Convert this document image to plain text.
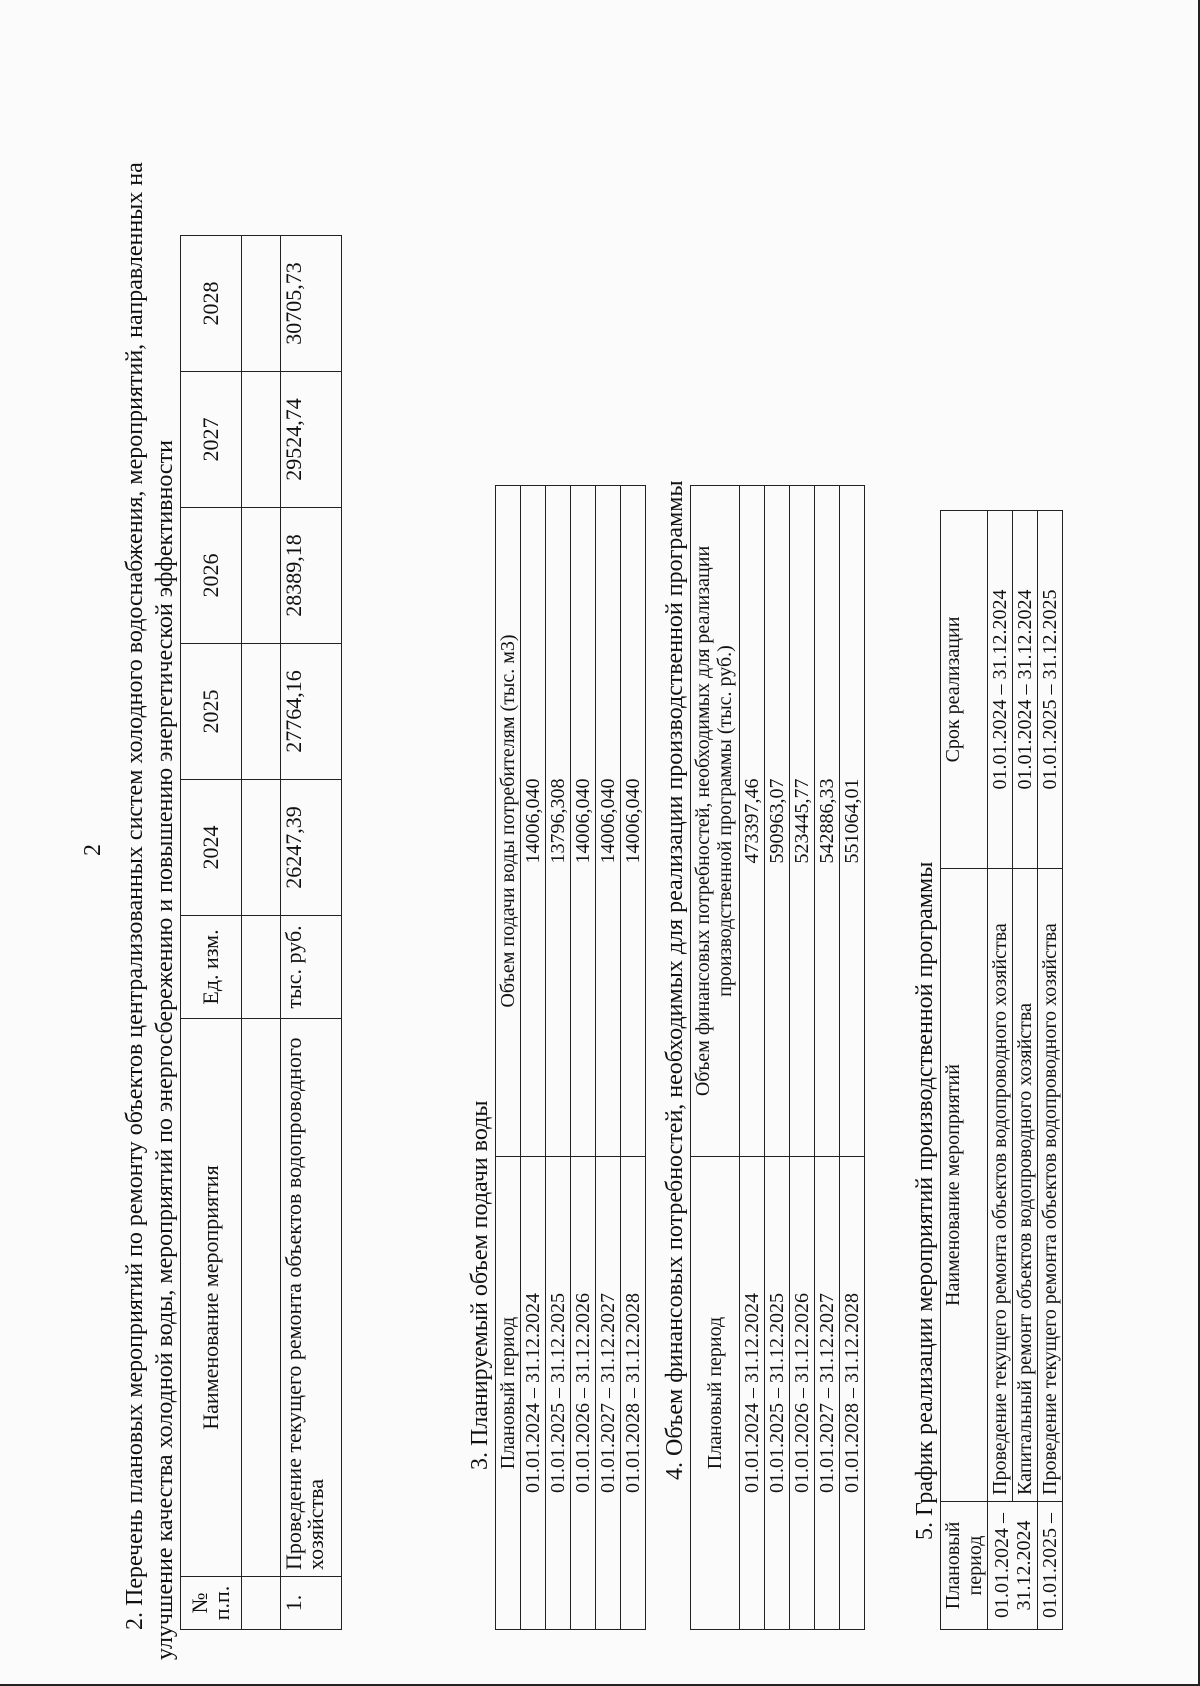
2 2. Перечень плановых мероприятий по ремонту объектов централизованных систем холодного водоснабжения, мероприятий, направленных на улучшение качества холодной воды, мероприятий по энергосбережению и повышению энергетической эффективности № п.п.	Наименование мероприятия	Ед. изм.	2024	2025	2026	2027	2028

1.	Проведение текущего ремонта объектов водопроводного хозяйства	тыс. руб.	26247,39	27764,16	28389,18	29524,74	30705,73

3. Планируемый объем подачи воды Плановый период	Объем подачи воды потребителям (тыс. м3)
01.01.2024 – 31.12.2024	14006,040
01.01.2025 – 31.12.2025	13796,308
01.01.2026 – 31.12.2026	14006,040
01.01.2027 – 31.12.2027	14006,040
01.01.2028 – 31.12.2028	14006,040 4. Объем финансовых потребностей, необходимых для реализации производственной программы Плановый период	Объем финансовых потребностей, необходимых для реализации производственной программы (тыс. руб.)
01.01.2024 – 31.12.2024	473397,46
01.01.2025 – 31.12.2025	590963,07
01.01.2026 – 31.12.2026	523445,77
01.01.2027 – 31.12.2027	542886,33
01.01.2028 – 31.12.2028	551064,01

5. График реализации мероприятий производственной программы

Плановый период	Наименование мероприятий	Срок реализации
01.01.2024 – 31.12.2024	Проведение текущего ремонта объектов водопроводного хозяйства	01.01.2024 – 31.12.2024
	Капитальный ремонт объектов водопроводного хозяйства	01.01.2024 – 31.12.2024
01.01.2025 –	Проведение текущего ремонта объектов водопроводного хозяйства	01.01.2025 – 31.12.2025
